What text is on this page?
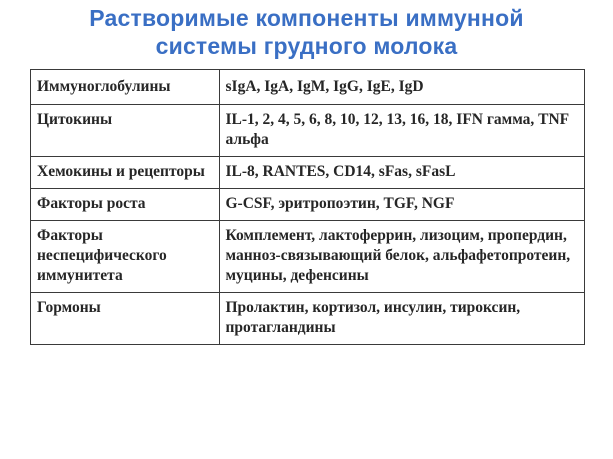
Растворимые компоненты иммунной
системы грудного молока
Иммуноглобулины	sIgA, IgA, IgM, IgG, IgE, IgD
Цитокины	IL-1, 2, 4, 5, 6, 8, 10, 12, 13, 16, 18, IFN гамма, TNF альфа
Хемокины и рецепторы	IL-8, RANTES, CD14, sFas, sFasL
Факторы роста	G-CSF, эритропоэтин, TGF, NGF
Факторы неспецифического иммунитета	Комплемент, лактоферрин, лизоцим, пропердин, манноз-связывающий белок, альфафетопротеин, муцины, дефенсины
Гормоны	Пролактин, кортизол, инсулин, тироксин, протагландины
